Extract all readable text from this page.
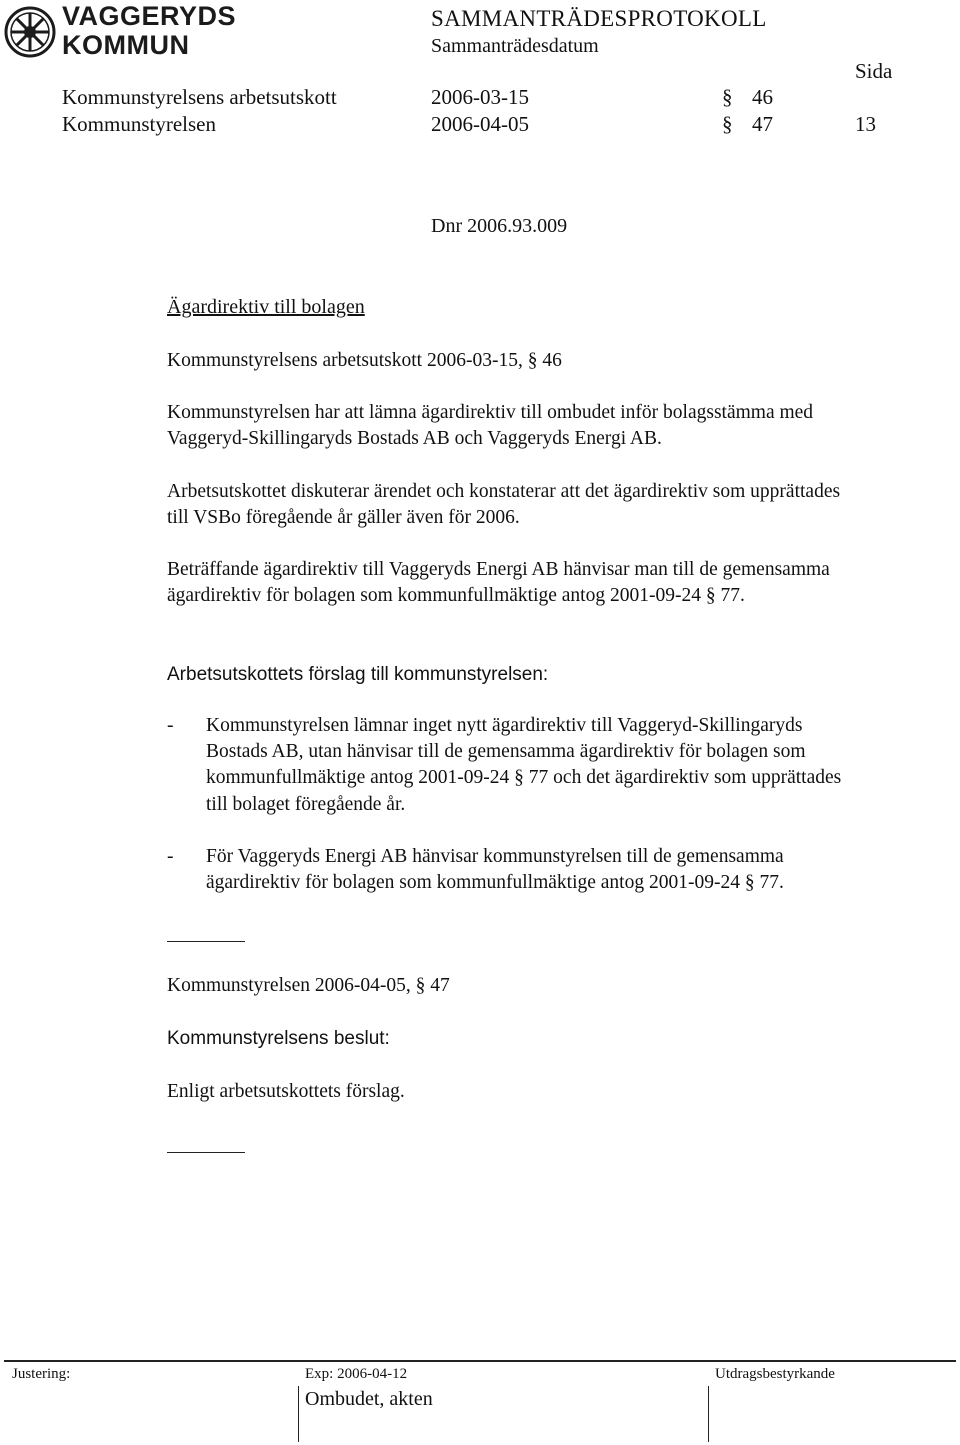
VAGGERYDS
KOMMUN
SAMMANTRÄDESPROTOKOLL
Sammanträdesdatum
Sida
Kommunstyrelsens arbetsutskott	2006-03-15	§ 46
Kommunstyrelsen	2006-04-05	§ 47	13
Dnr 2006.93.009
Ägardirektiv till bolagen
Kommunstyrelsens arbetsutskott 2006-03-15, § 46
Kommunstyrelsen har att lämna ägardirektiv till ombudet inför bolagsstämma med Vaggeryd-Skillingaryds Bostads AB och Vaggeryds Energi AB.
Arbetsutskottet diskuterar ärendet och konstaterar att det ägardirektiv som upprättades till VSBo föregående år gäller även för 2006.
Beträffande ägardirektiv till Vaggeryds Energi AB hänvisar man till de gemensamma ägardirektiv för bolagen som kommunfullmäktige antog 2001-09-24 § 77.
Arbetsutskottets förslag till kommunstyrelsen:
- Kommunstyrelsen lämnar inget nytt ägardirektiv till Vaggeryd-Skillingaryds Bostads AB, utan hänvisar till de gemensamma ägardirektiv för bolagen som kommunfullmäktige antog 2001-09-24 § 77 och det ägardirektiv som upprättades till bolaget föregående år.
- För Vaggeryds Energi AB hänvisar kommunstyrelsen till de gemensamma ägardirektiv för bolagen som kommunfullmäktige antog 2001-09-24 § 77.
Kommunstyrelsen 2006-04-05, § 47
Kommunstyrelsens beslut:
Enligt arbetsutskottets förslag.
Justering:	Exp: 2006-04-12	Utdragsbestyrkande
Ombudet, akten
